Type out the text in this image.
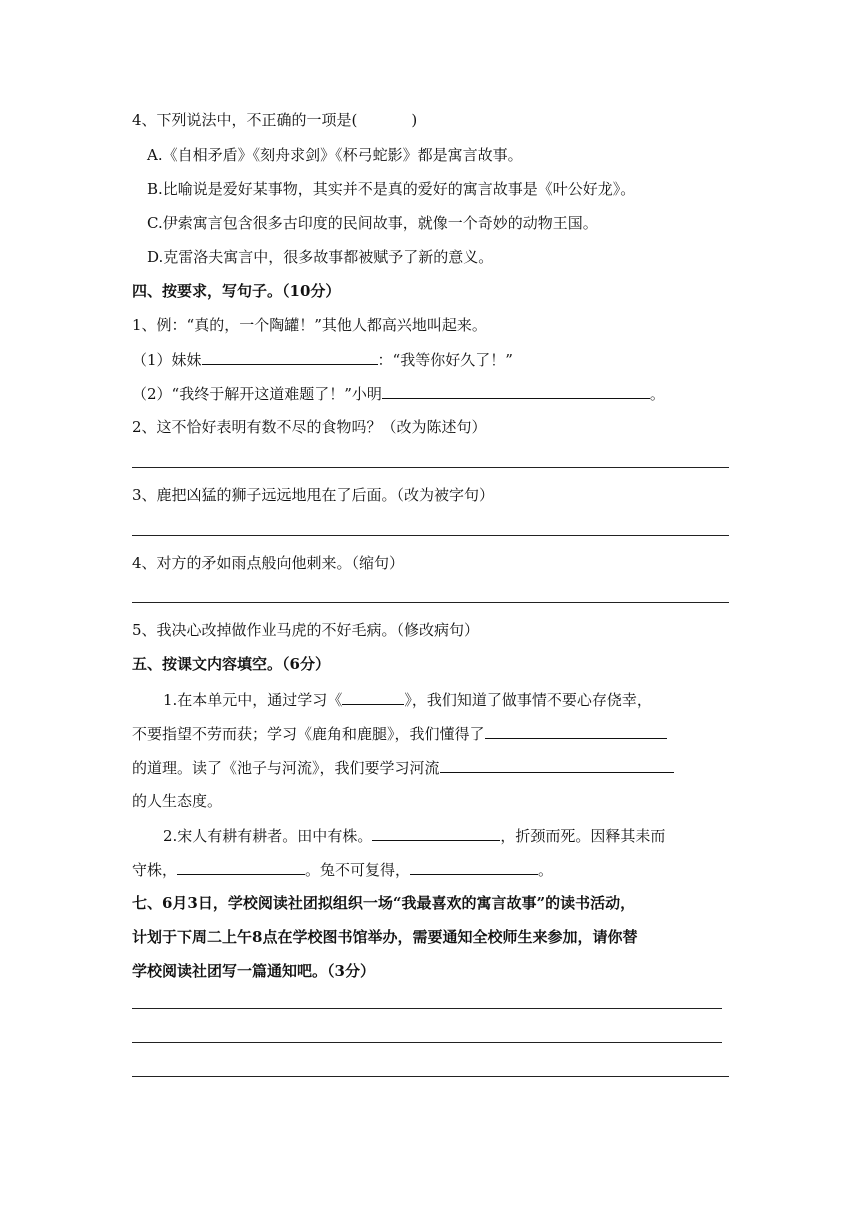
4、下列说法中，不正确的一项是(	)
A.《自相矛盾》《刻舟求剑》《杯弓蛇影》都是寓言故事。
B.比喻说是爱好某事物，其实并不是真的爱好的寓言故事是《叶公好龙》。
C.伊索寓言包含很多古印度的民间故事，就像一个奇妙的动物王国。
D.克雷洛夫寓言中，很多故事都被赋予了新的意义。
四、按要求，写句子。（10分）
1、例：“真的，一个陶罐！”其他人都高兴地叫起来。
（1）妹妹	：“我等你好久了！”
（2）“我终于解开这道难题了！”小明	。
2、这不恰好表明有数不尽的食物吗？（改为陈述句）
3、鹿把凶猛的狮子远远地甩在了后面。（改为被字句）
4、对方的矛如雨点般向他刺来。（缩句）
5、我决心改掉做作业马虎的不好毛病。（修改病句）
五、按课文内容填空。（6分）
1.在本单元中，通过学习《	》，我们知道了做事情不要心存侥幸，
不要指望不劳而获；学习《鹿角和鹿腿》，我们懂得了
的道理。读了《池子与河流》，我们要学习河流
的人生态度。
2.宋人有耕有耕者。田中有株。	，折颈而死。因释其耒而
守株，	。兔不可复得，	。
七、6月3日，学校阅读社团拟组织一场“我最喜欢的寓言故事”的读书活动，
计划于下周二上午8点在学校图书馆举办，需要通知全校师生来参加，请你替
学校阅读社团写一篇通知吧。（3分）
